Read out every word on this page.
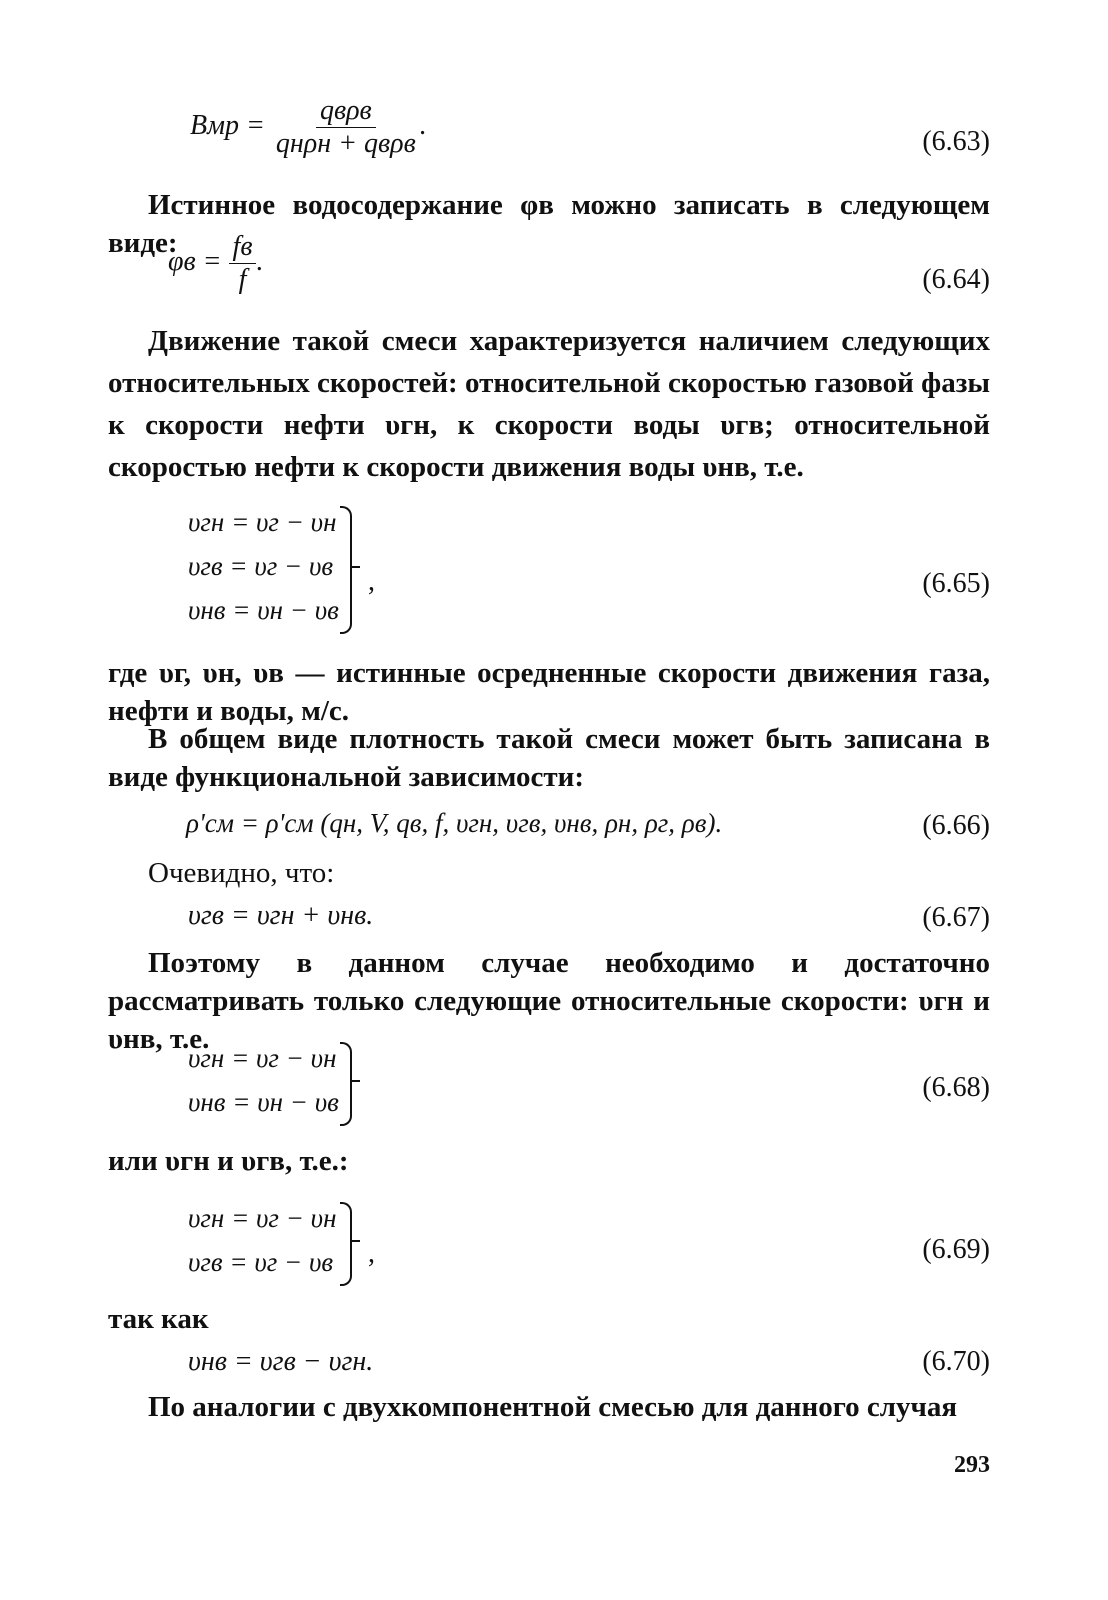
Bмр = $\frac{\text{qвρв}}{\text{qнρн + qвρв}}$ .
(6.63)
Истинное водосодержание φв можно записать в следующем виде:
$\varphi в = \frac{fв}{f}$ .
(6.64)
Движение такой смеси характеризуется наличием следующих относительных скоростей: относительной скоростью газовой фазы к скорости нефти υгн, к скорости воды υгв; относительной скоростью нефти к скорости движения воды υнв, т.е.
υгн = υг − υн
υгв = υг − υв
υнв = υн − υв
,	(6.65)
где υг, υн, υв — истинные осредненные скорости движения газа, нефти и воды, м/с.
В общем виде плотность такой смеси может быть записана в виде функциональной зависимости:
ρ'см = ρ'см (qн, V, qв, f, υгн, υгв, υнв, ρн, ρг, ρв).	(6.66)
Очевидно, что:
υгв = υгн + υнв.	(6.67)
Поэтому в данном случае необходимо и достаточно рассматривать только следующие относительные скорости: υгн и υнв, т.е.
υгн = υг − υн
υнв = υн − υв	(6.68)
или υгн и υгв, т.е.:
υгн = υг − υн
υгв = υг − υв ,	(6.69)
так как
υнв = υгв − υгн.	(6.70)
По аналогии с двухкомпонентной смесью для данного случая
293
